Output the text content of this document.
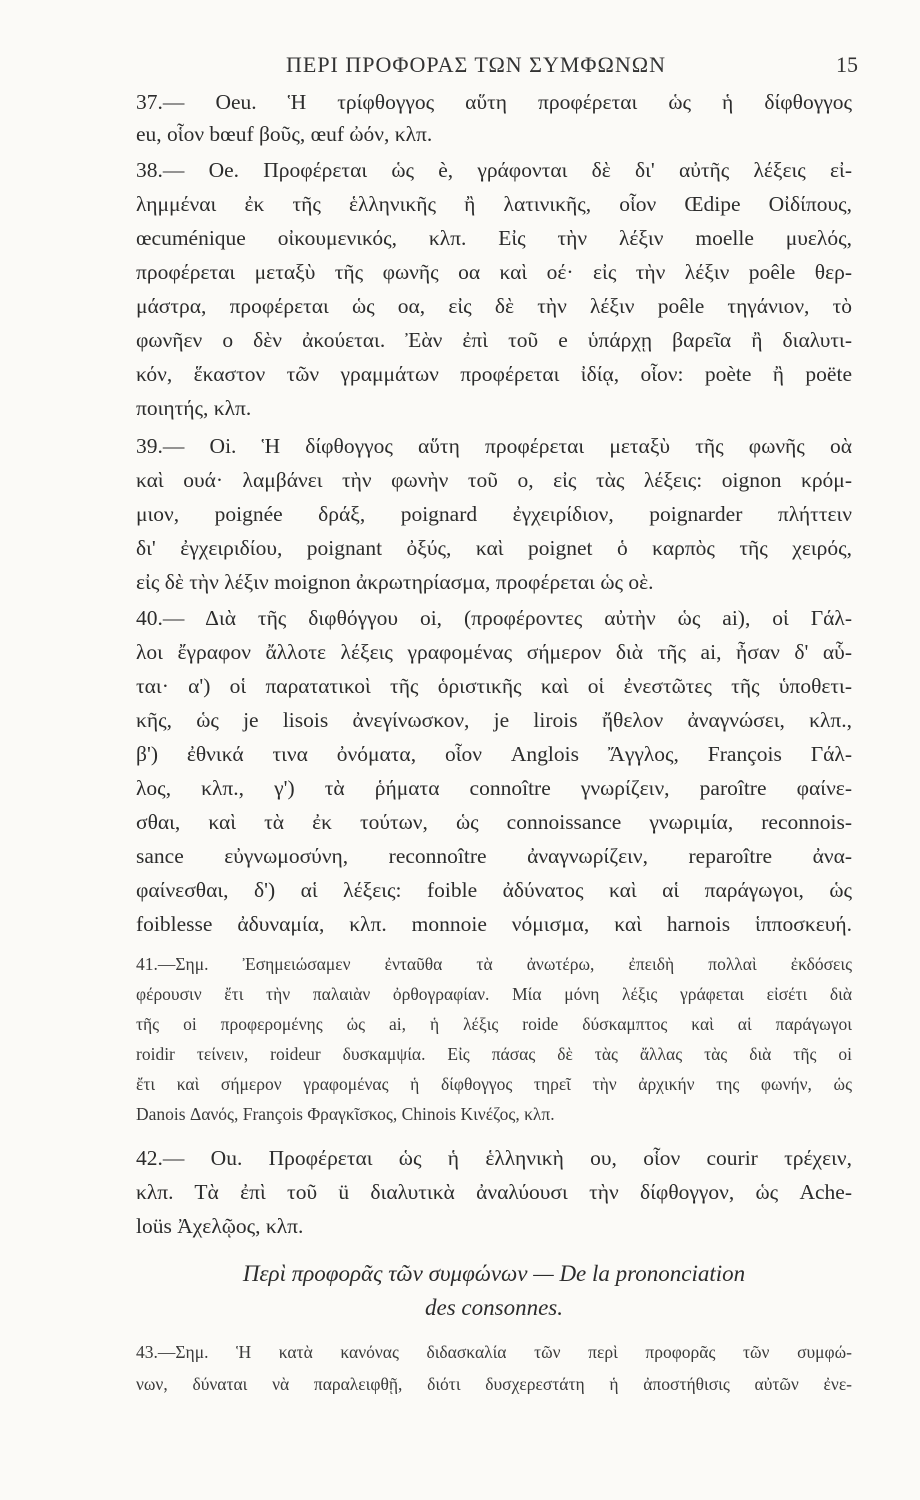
ΠΕΡΙ ΠΡΟΦΟΡΑΣ ΤΩΝ ΣΥΜΦΩΝΩΝ	15
37.— Oeu. Ἡ τρίφθογγος αὕτη προφέρεται ὡς ἡ δίφθογγος
eu, οἷον bœuf βοῦς, œuf ὠόν, κλπ.
38.— Oe. Προφέρεται ὡς è, γράφονται δὲ δι' αὐτῆς λέξεις εἰ-
λημμέναι ἐκ τῆς ἑλληνικῆς ἢ λατινικῆς, οἷον Œdipe Οἰδίπους,
œcuménique οἰκουμενικός, κλπ. Εἰς τὴν λέξιν moelle μυελός,
προφέρεται μεταξὺ τῆς φωνῆς οα καὶ οέ· εἰς τὴν λέξιν poêle θερ-
μάστρα, προφέρεται ὡς οα, εἰς δὲ τὴν λέξιν poêle τηγάνιον, τὸ
φωνῆεν ο δὲν ἀκούεται. Ἐὰν ἐπὶ τοῦ e ὑπάρχῃ βαρεῖα ἢ διαλυτι-
κόν, ἕκαστον τῶν γραμμάτων προφέρεται ἰδίᾳ, οἷον: poète ἢ poëte
ποιητής, κλπ.
39.— Oi. Ἡ δίφθογγος αὕτη προφέρεται μεταξὺ τῆς φωνῆς οὰ
καὶ ουά· λαμβάνει τὴν φωνὴν τοῦ ο, εἰς τὰς λέξεις: oignon κρόμ-
μιον, poignée δράξ, poignard ἐγχειρίδιον, poignarder πλήττειν
δι' ἐγχειριδίου, poignant ὀξύς, καὶ poignet ὁ καρπὸς τῆς χειρός,
εἰς δὲ τὴν λέξιν moignon ἀκρωτηρίασμα, προφέρεται ὡς οὲ.
40.— Διὰ τῆς διφθόγγου oi, (προφέροντες αὐτὴν ὡς ai), οἱ Γάλ-
λοι ἔγραφον ἄλλοτε λέξεις γραφομένας σήμερον διὰ τῆς ai, ἦσαν δ' αὗ-
ται· α') οἱ παρατατικοὶ τῆς ὁριστικῆς καὶ οἱ ἐνεστῶτες τῆς ὑποθετι-
κῆς, ὡς je lisois ἀνεγίνωσκον, je lirois ἤθελον ἀναγνώσει, κλπ.,
β') ἐθνικά τινα ὀνόματα, οἷον Anglois Ἄγγλος, François Γάλ-
λος, κλπ., γ') τὰ ῥήματα connoître γνωρίζειν, paroître φαίνε-
σθαι, καὶ τὰ ἐκ τούτων, ὡς connoissance γνωριμία, reconnois-
sance εὐγνωμοσύνη, reconnoître ἀναγνωρίζειν, reparoître ἀνα-
φαίνεσθαι, δ') αἱ λέξεις: foible ἀδύνατος καὶ αἱ παράγωγοι, ὡς
foiblesse ἀδυναμία, κλπ. monnoie νόμισμα, καὶ harnois ἱπποσκευή.
41.—Σημ. Ἐσημειώσαμεν ἐνταῦθα τὰ ἀνωτέρω, ἐπειδὴ πολλαὶ ἐκδόσεις
φέρουσιν ἔτι τὴν παλαιὰν ὀρθογραφίαν. Μία μόνη λέξις γράφεται εἰσέτι διὰ
τῆς oi προφερομένης ὡς ai, ἡ λέξις roide δύσκαμπτος καὶ αἱ παράγωγοι
roidir τείνειν, roideur δυσκαμψία. Εἰς πάσας δὲ τὰς ἄλλας τὰς διὰ τῆς oi
ἔτι καὶ σήμερον γραφομένας ἡ δίφθογγος τηρεῖ τὴν ἀρχικήν της φωνήν, ὡς
Danois Δανός, François Φραγκῖσκος, Chinois Κινέζος, κλπ.
42.— Ou. Προφέρεται ὡς ἡ ἑλληνικὴ ου, οἷον courir τρέχειν,
κλπ. Τὰ ἐπὶ τοῦ ü διαλυτικὰ ἀναλύουσι τὴν δίφθογγον, ὡς Ache-
loüs Ἀχελῷος, κλπ.
Περὶ προφορᾶς τῶν συμφώνων — De la prononciation
des consonnes.
43.—Σημ. Ἡ κατὰ κανόνας διδασκαλία τῶν περὶ προφορᾶς τῶν συμφώ-
νων, δύναται νὰ παραλειφθῇ, διότι δυσχερεστάτη ἡ ἀποστήθισις αὐτῶν ἐνε-
